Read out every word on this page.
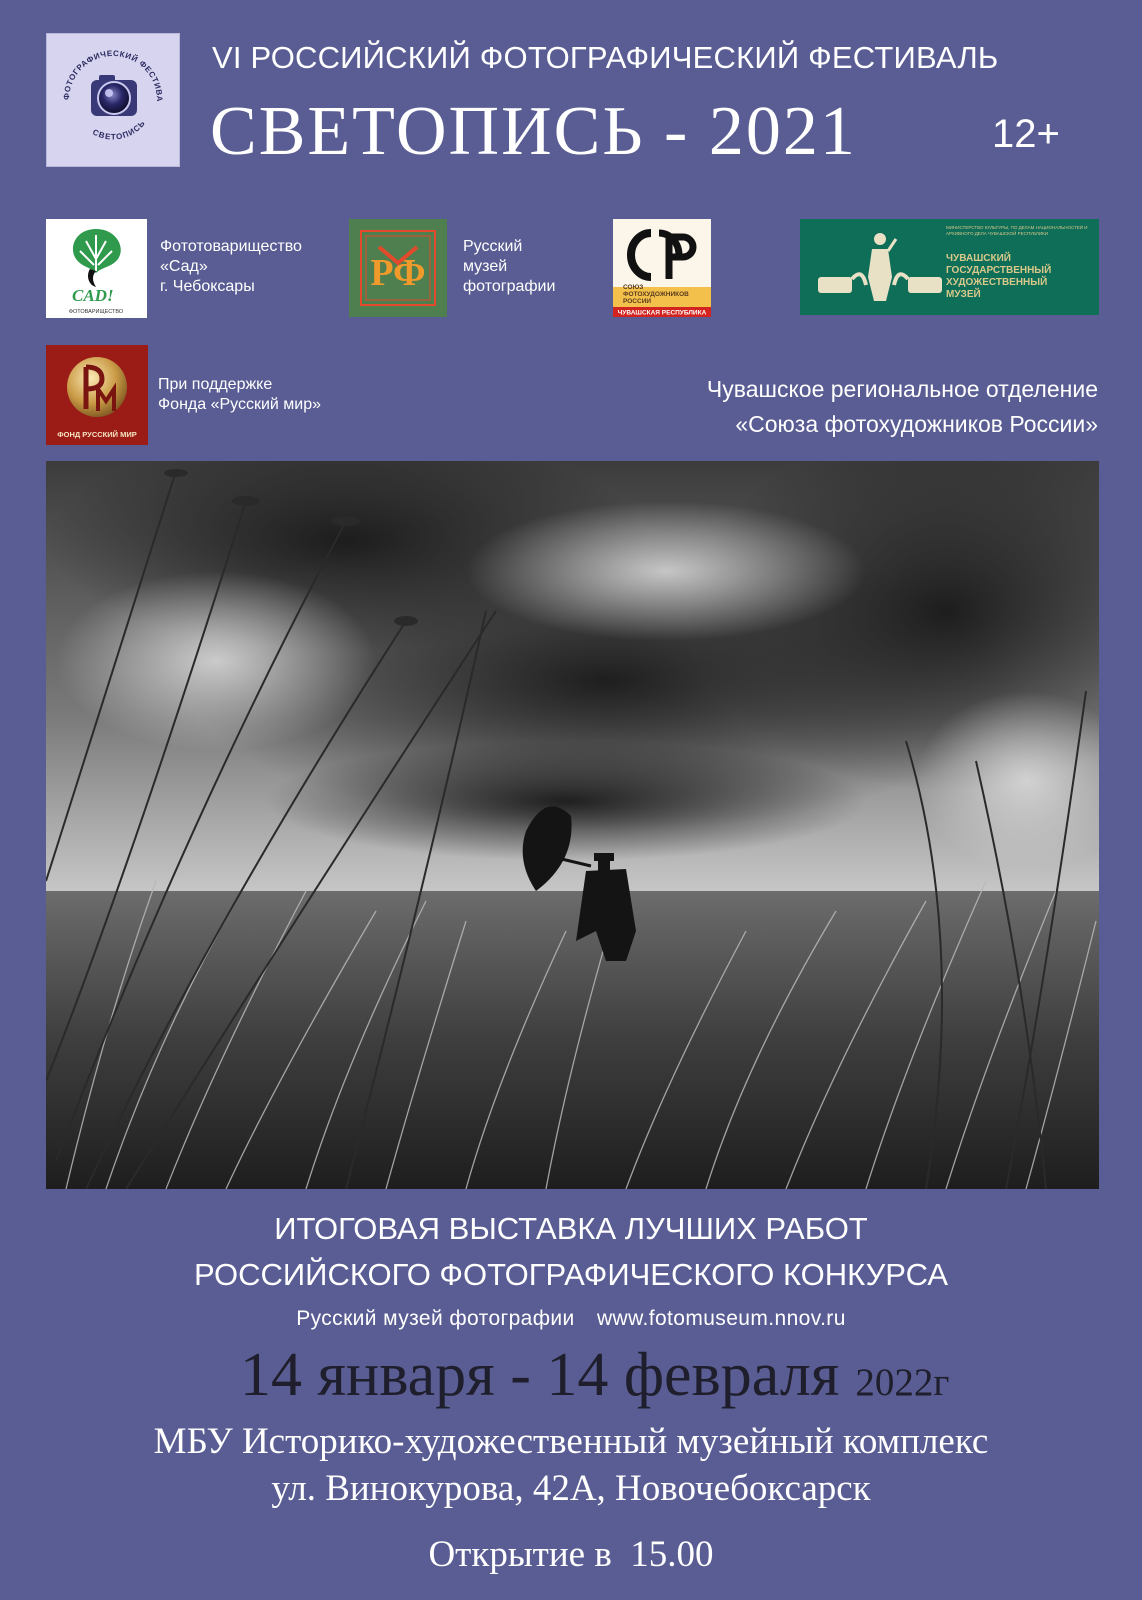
ФОТОГРАФИЧЕСКИЙ ФЕСТИВА
СВЕТОПИСЬ
VI РОССИЙСКИЙ ФОТОГРАФИЧЕСКИЙ ФЕСТИВАЛЬ
СВЕТОПИСЬ - 2021	12+
CAD!
ФОТОВАРИЩЕСТВО
Фототоварищество
«Сад»
г. Чебоксары	РФ
Русский
музей
фотографии	СОЮЗ
ФОТОХУДОЖНИКОВ
РОССИИ
ЧУВАШСКАЯ РЕСПУБЛИКА
МИНИСТЕРСТВО КУЛЬТУРЫ, ПО ДЕЛАМ НАЦИОНАЛЬНОСТЕЙ И АРХИВНОГО ДЕЛА ЧУВАШСКОЙ РЕСПУБЛИКИ
ЧУВАШСКИЙ
ГОСУДАРСТВЕННЫЙ
ХУДОЖЕСТВЕННЫЙ
МУЗЕЙ
ФОНД РУССКИЙ МИР
При поддержке
Фонда «Русский мир»
Чувашское региональное отделение
«Союза фотохудожников России»
ИТОГОВАЯ ВЫСТАВКА ЛУЧШИХ РАБОТ
РОССИЙСКОГО ФОТОГРАФИЧЕСКОГО КОНКУРСА
Русский музей фотографии www.fotomuseum.nnov.ru
14 января - 14 февраля 2022г
МБУ Историко-художественный музейный комплекс
ул. Винокурова, 42А, Новочебоксарск
Открытие в  15.00
